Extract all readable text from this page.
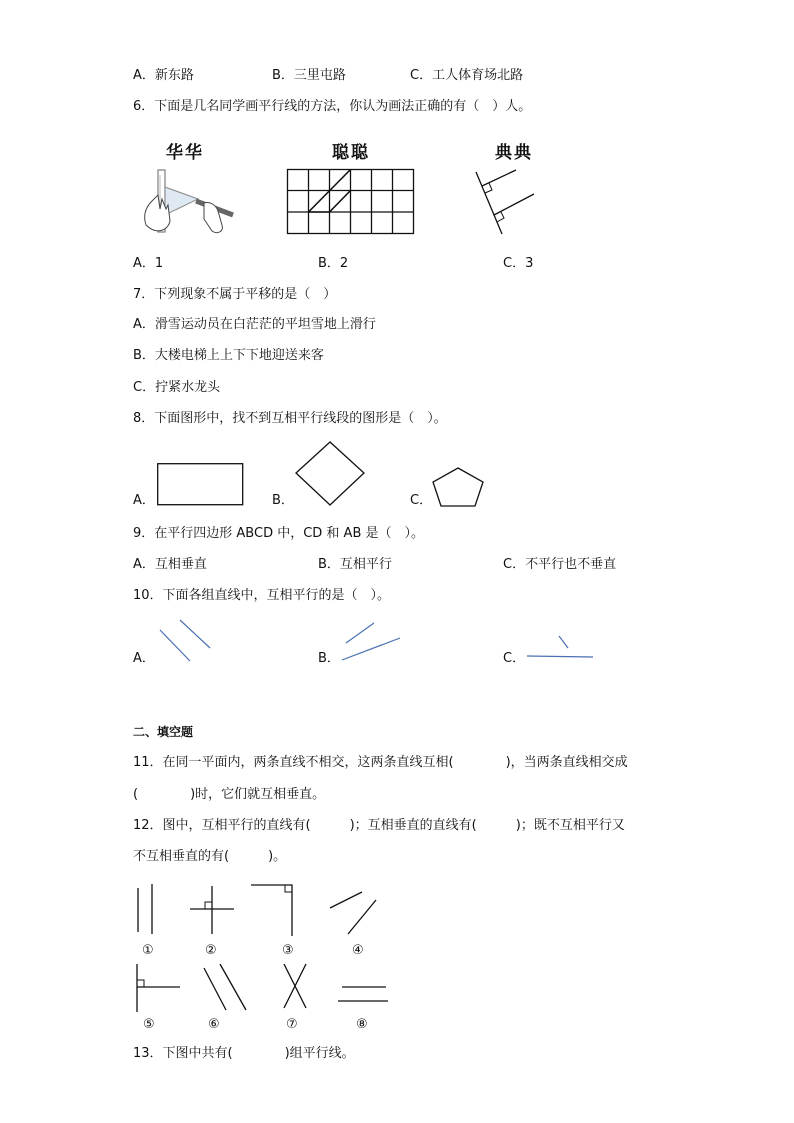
A．新东路	B．三里屯路	C．工人体育场北路
6．下面是几名同学画平行线的方法，你认为画法正确的有（　）人。
华华	聪聪	典典
A．1	B．2	C．3
7．下列现象不属于平移的是（　）
A．滑雪运动员在白茫茫的平坦雪地上滑行
B．大楼电梯上上下下地迎送来客
C．拧紧水龙头
8．下面图形中，找不到互相平行线段的图形是（　）。
A．	B．	C．
9．在平行四边形 ABCD 中，CD 和 AB 是（　）。
A．互相垂直	B．互相平行	C．不平行也不垂直
10．下面各组直线中，互相平行的是（　）。
A．	B．	C．
二、填空题
11．在同一平面内，两条直线不相交，这两条直线互相(　　　　)，当两条直线相交成
(　　　　)时，它们就互相垂直。
12．图中，互相平行的直线有(　　　)；互相垂直的直线有(　　　)；既不互相平行又
不互相垂直的有(　　　)。
①	②	③	④
⑤	⑥	⑦	⑧
13．下图中共有(　　　　)组平行线。
